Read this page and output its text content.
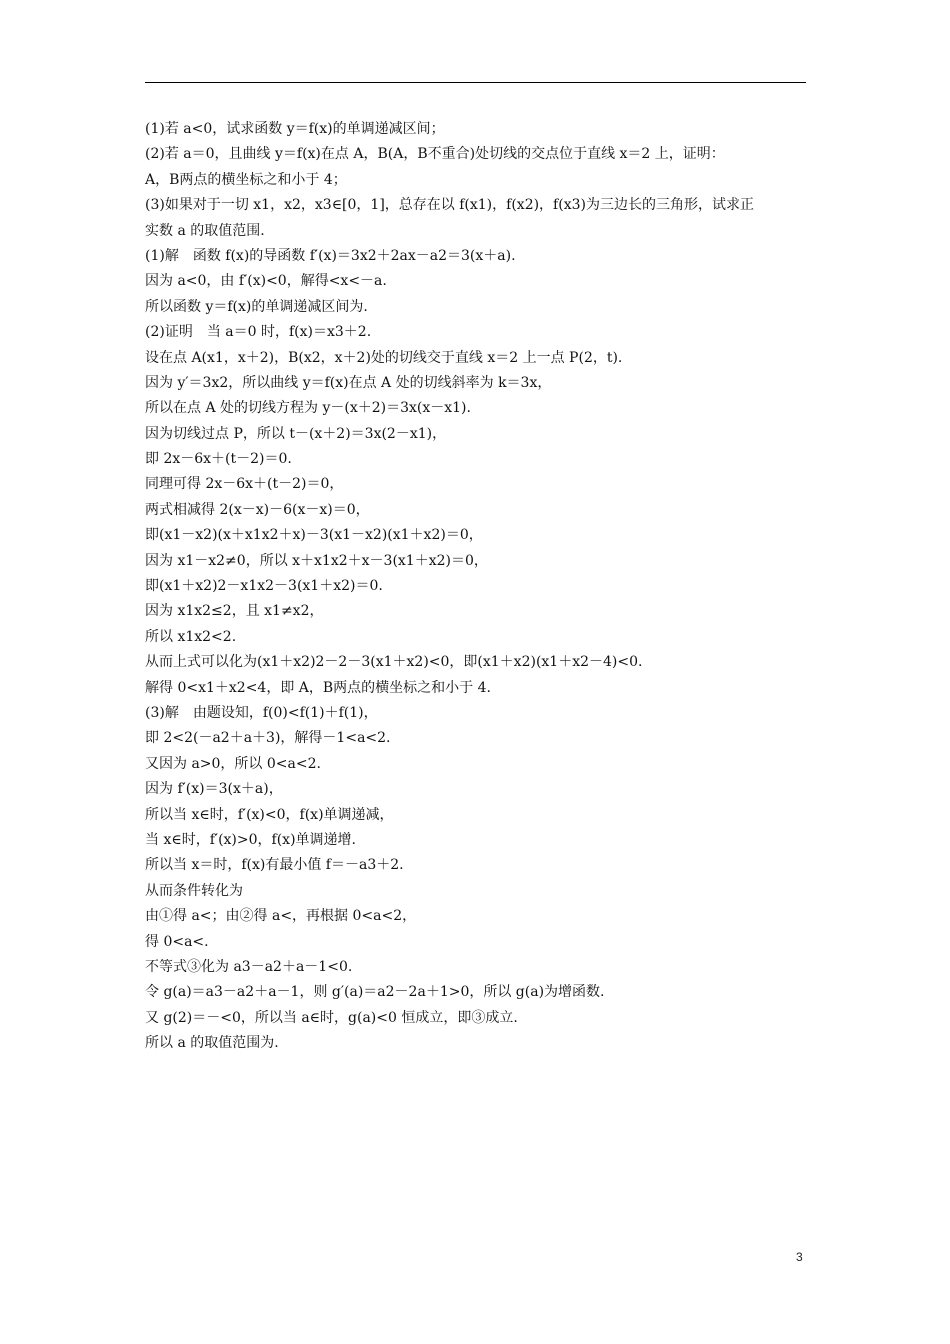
(1)若 a<0，试求函数 y＝f(x)的单调递减区间；
(2)若 a＝0，且曲线 y＝f(x)在点 A，B(A，B不重合)处切线的交点位于直线 x＝2 上，证明：
A，B两点的横坐标之和小于 4；
(3)如果对于一切 x1，x2，x3∈[0，1]，总存在以 f(x1)，f(x2)，f(x3)为三边长的三角形，试求正
实数 a 的取值范围.
(1)解　函数 f(x)的导函数 f′(x)＝3x2＋2ax－a2＝3(x＋a).
因为 a<0，由 f′(x)<0，解得<x<－a.
所以函数 y＝f(x)的单调递减区间为.
(2)证明　当 a＝0 时，f(x)＝x3＋2.
设在点 A(x1，x＋2)，B(x2，x＋2)处的切线交于直线 x＝2 上一点 P(2，t).
因为 y′＝3x2，所以曲线 y＝f(x)在点 A 处的切线斜率为 k＝3x，
所以在点 A 处的切线方程为 y－(x＋2)＝3x(x－x1).
因为切线过点 P，所以 t－(x＋2)＝3x(2－x1)，
即 2x－6x＋(t－2)＝0.
同理可得 2x－6x＋(t－2)＝0，
两式相减得 2(x－x)－6(x－x)＝0，
即(x1－x2)(x＋x1x2＋x)－3(x1－x2)(x1＋x2)＝0，
因为 x1－x2≠0，所以 x＋x1x2＋x－3(x1＋x2)＝0，
即(x1＋x2)2－x1x2－3(x1＋x2)＝0.
因为 x1x2≤2，且 x1≠x2，
所以 x1x2<2.
从而上式可以化为(x1＋x2)2－2－3(x1＋x2)<0，即(x1＋x2)(x1＋x2－4)<0.
解得 0<x1＋x2<4，即 A，B两点的横坐标之和小于 4.
(3)解　由题设知，f(0)<f(1)＋f(1)，
即 2<2(－a2＋a＋3)，解得－1<a<2.
又因为 a>0，所以 0<a<2.
因为 f′(x)＝3(x＋a)，
所以当 x∈时，f′(x)<0，f(x)单调递减，
当 x∈时，f′(x)>0，f(x)单调递增.
所以当 x＝时，f(x)有最小值 f＝－a3＋2.
从而条件转化为
由①得 a<；由②得 a<，再根据 0<a<2，
得 0<a<.
不等式③化为 a3－a2＋a－1<0.
令 g(a)＝a3－a2＋a－1，则 g′(a)＝a2－2a＋1>0，所以 g(a)为增函数.
又 g(2)＝－<0，所以当 a∈时，g(a)<0 恒成立，即③成立.
所以 a 的取值范围为.
3
